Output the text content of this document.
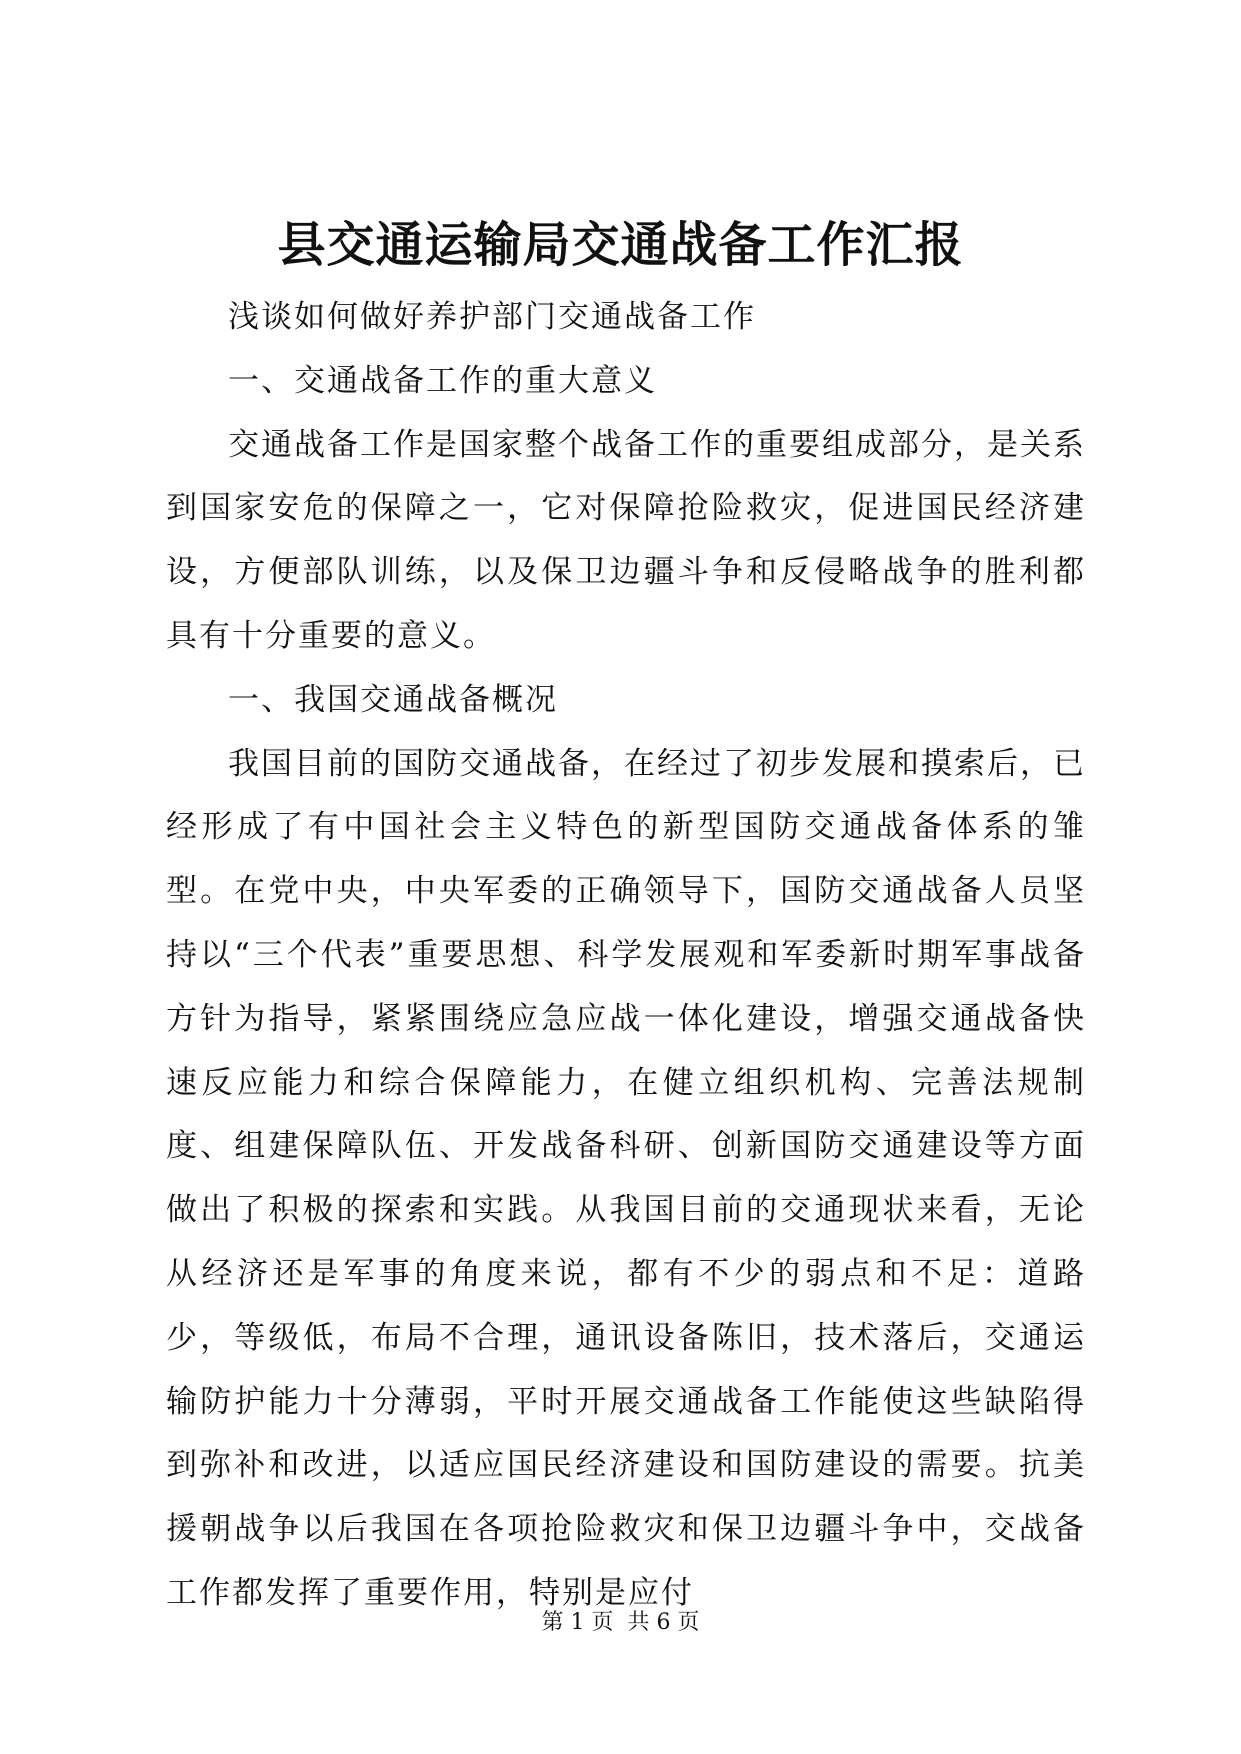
县交通运输局交通战备工作汇报

浅谈如何做好养护部门交通战备工作

一、交通战备工作的重大意义

交通战备工作是国家整个战备工作的重要组成部分，是关系到国家安危的保障之一，它对保障抢险救灾，促进国民经济建设，方便部队训练，以及保卫边疆斗争和反侵略战争的胜利都具有十分重要的意义。

一、我国交通战备概况

我国目前的国防交通战备，在经过了初步发展和摸索后，已经形成了有中国社会主义特色的新型国防交通战备体系的雏型。在党中央，中央军委的正确领导下，国防交通战备人员坚持以“三个代表”重要思想、科学发展观和军委新时期军事战备方针为指导，紧紧围绕应急应战一体化建设，增强交通战备快速反应能力和综合保障能力，在健立组织机构、完善法规制度、组建保障队伍、开发战备科研、创新国防交通建设等方面做出了积极的探索和实践。从我国目前的交通现状来看，无论从经济还是军事的角度来说，都有不少的弱点和不足：道路少，等级低，布局不合理，通讯设备陈旧，技术落后，交通运输防护能力十分薄弱，平时开展交通战备工作能使这些缺陷得到弥补和改进，以适应国民经济建设和国防建设的需要。抗美援朝战争以后我国在各项抢险救灾和保卫边疆斗争中，交战备工作都发挥了重要作用，特别是应付

第 1 页  共 6 页
